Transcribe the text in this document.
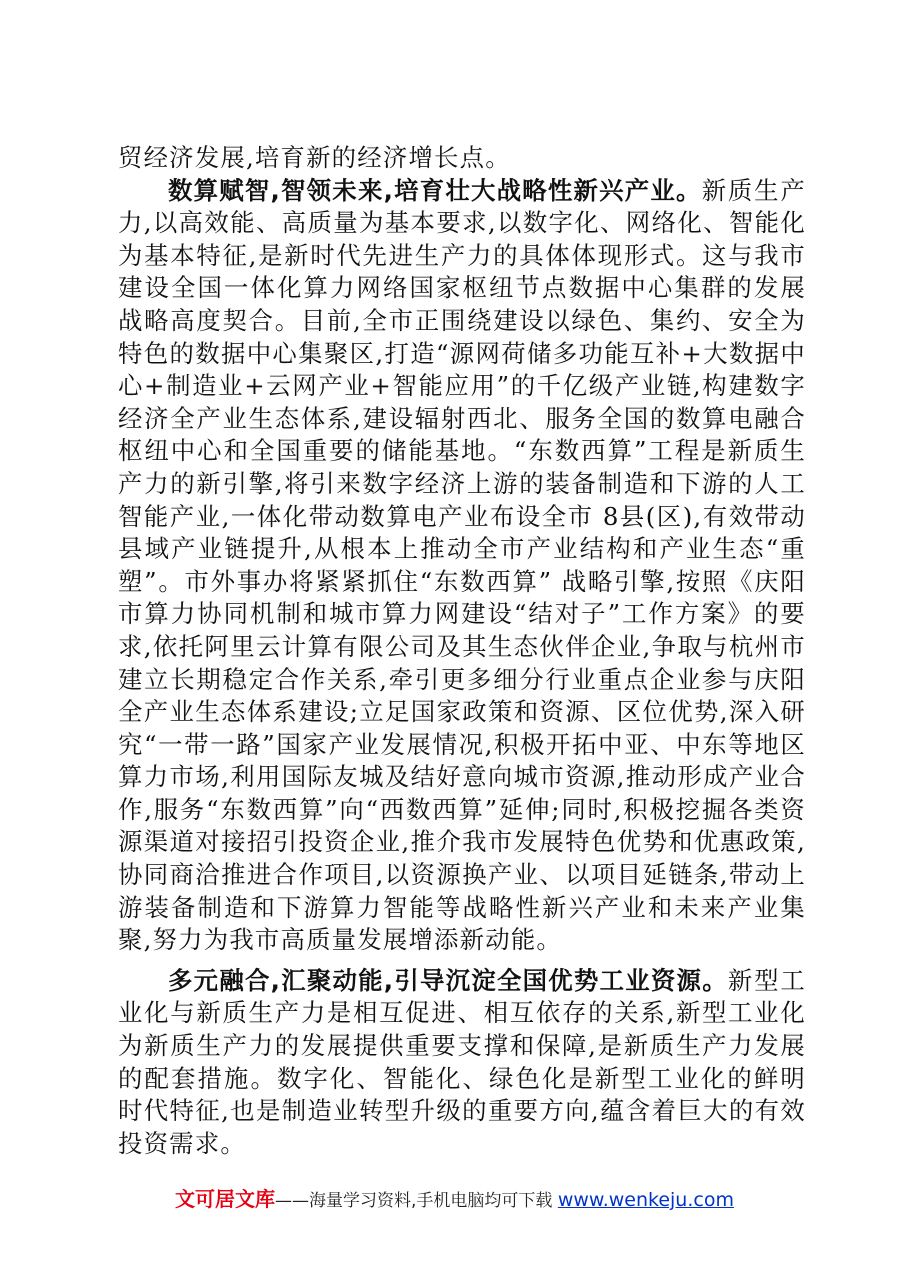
贸经济发展,培育新的经济增长点。

数算赋智,智领未来,培育壮大战略性新兴产业。新质生产力,以高效能、高质量为基本要求,以数字化、网络化、智能化为基本特征,是新时代先进生产力的具体体现形式。这与我市建设全国一体化算力网络国家枢纽节点数据中心集群的发展战略高度契合。目前,全市正围绕建设以绿色、集约、安全为特色的数据中心集聚区,打造“源网荷储多功能互补+大数据中心+制造业+云网产业+智能应用”的千亿级产业链,构建数字经济全产业生态体系,建设辐射西北、服务全国的数算电融合枢纽中心和全国重要的储能基地。“东数西算”工程是新质生产力的新引擎,将引来数字经济上游的装备制造和下游的人工智能产业,一体化带动数算电产业布设全市 8县(区),有效带动县域产业链提升,从根本上推动全市产业结构和产业生态“重塑”。市外事办将紧紧抓住“东数西算” 战略引擎,按照《庆阳市算力协同机制和城市算力网建设“结对子”工作方案》的要求,依托阿里云计算有限公司及其生态伙伴企业,争取与杭州市建立长期稳定合作关系,牵引更多细分行业重点企业参与庆阳全产业生态体系建设;立足国家政策和资源、区位优势,深入研究“一带一路”国家产业发展情况,积极开拓中亚、中东等地区算力市场,利用国际友城及结好意向城市资源,推动形成产业合作,服务“东数西算”向“西数西算”延伸;同时,积极挖掘各类资源渠道对接招引投资企业,推介我市发展特色优势和优惠政策,协同商洽推进合作项目,以资源换产业、以项目延链条,带动上游装备制造和下游算力智能等战略性新兴产业和未来产业集聚,努力为我市高质量发展增添新动能。

多元融合,汇聚动能,引导沉淀全国优势工业资源。新型工业化与新质生产力是相互促进、相互依存的关系,新型工业化为新质生产力的发展提供重要支撑和保障,是新质生产力发展的配套措施。数字化、智能化、绿色化是新型工业化的鲜明时代特征,也是制造业转型升级的重要方向,蕴含着巨大的有效投资需求。

文可居文库——海量学习资料,手机电脑均可下载 www.wenkeju.com
